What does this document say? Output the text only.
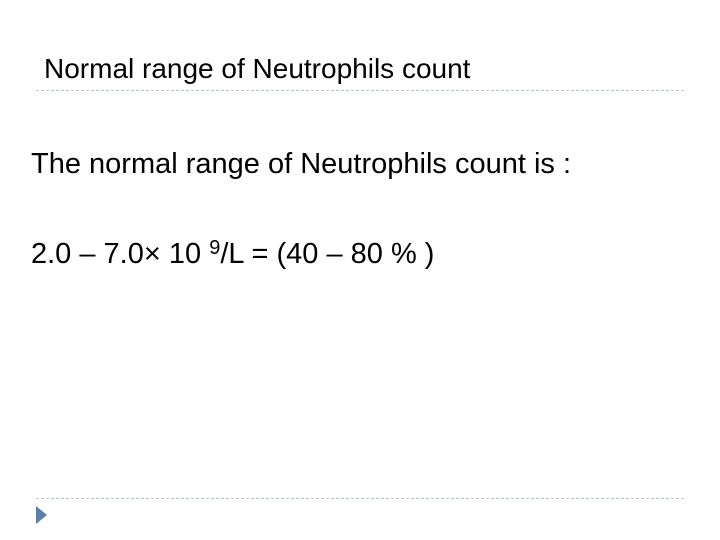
Normal range of Neutrophils count
The normal range of Neutrophils count is :
2.0 – 7.0× 10 $^9$/L = (40 – 80 % )
